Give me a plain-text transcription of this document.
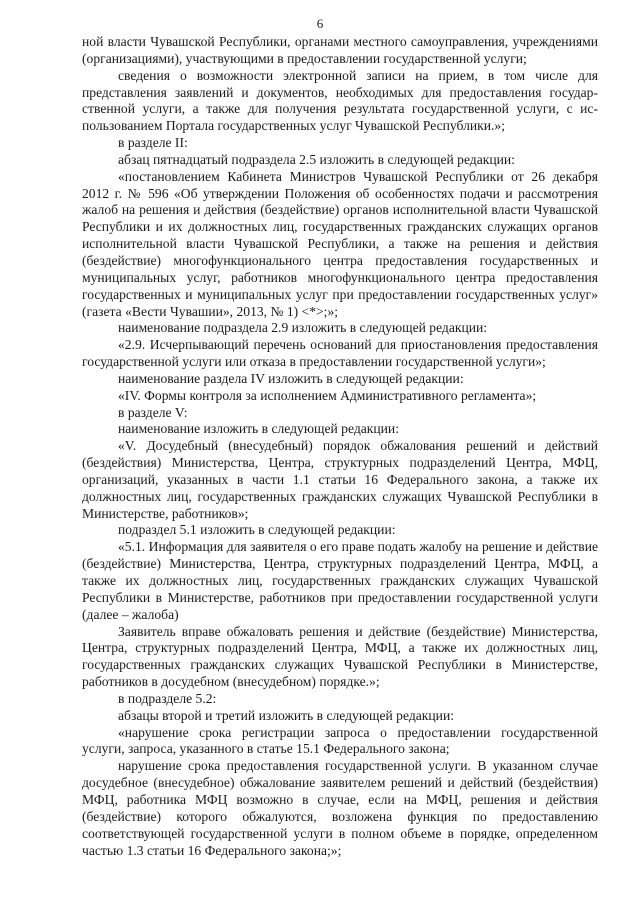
6

ной власти Чувашской Республики, органами местного самоуправления, учреждениями (организациями), участвующими в предоставлении государственной услуги;

сведения о возможности электронной записи на прием, в том числе для представления заявлений и документов, необходимых для предоставления государственной услуги, а также для получения результата государственной услуги, с использованием Портала государственных услуг Чувашской Республики.»;

в разделе II:

абзац пятнадцатый подраздела 2.5 изложить в следующей редакции:

«постановлением Кабинета Министров Чувашской Республики от 26 декабря 2012 г. № 596 «Об утверждении Положения об особенностях подачи и рассмотрения жалоб на решения и действия (бездействие) органов исполнительной власти Чувашской Республики и их должностных лиц, государственных гражданских служащих органов исполнительной власти Чувашской Республики, а также на решения и действия (бездействие) многофункционального центра предоставления государственных и муниципальных услуг, работников многофункционального центра предоставления государственных и муниципальных услуг при предоставлении государственных услуг» (газета «Вести Чувашии», 2013, № 1) <*>;»;

наименование подраздела 2.9 изложить в следующей редакции:

«2.9. Исчерпывающий перечень оснований для приостановления предоставления государственной услуги или отказа в предоставлении государственной услуги»;

наименование раздела IV изложить в следующей редакции:

«IV. Формы контроля за исполнением Административного регламента»;

в разделе V:

наименование изложить в следующей редакции:

«V. Досудебный (внесудебный) порядок обжалования решений и действий (бездействия) Министерства, Центра, структурных подразделений Центра, МФЦ, организаций, указанных в части 1.1 статьи 16 Федерального закона, а также их должностных лиц, государственных гражданских служащих Чувашской Республики в Министерстве, работников»;

подраздел 5.1 изложить в следующей редакции:

«5.1. Информация для заявителя о его праве подать жалобу на решение и действие (бездействие) Министерства, Центра, структурных подразделений Центра, МФЦ, а также их должностных лиц, государственных гражданских служащих Чувашской Республики в Министерстве, работников при предоставлении государственной услуги (далее – жалоба)

Заявитель вправе обжаловать решения и действие (бездействие) Министерства, Центра, структурных подразделений Центра, МФЦ, а также их должностных лиц, государственных гражданских служащих Чувашской Республики в Министерстве, работников в досудебном (внесудебном) порядке.»;

в подразделе 5.2:

абзацы второй и третий изложить в следующей редакции:

«нарушение срока регистрации запроса о предоставлении государственной услуги, запроса, указанного в статье 15.1 Федерального закона;

нарушение срока предоставления государственной услуги. В указанном случае досудебное (внесудебное) обжалование заявителем решений и действий (бездействия) МФЦ, работника МФЦ возможно в случае, если на МФЦ, решения и действия (бездействие) которого обжалуются, возложена функция по предоставлению соответствующей государственной услуги в полном объеме в порядке, определенном частью 1.3 статьи 16 Федерального закона;»;
